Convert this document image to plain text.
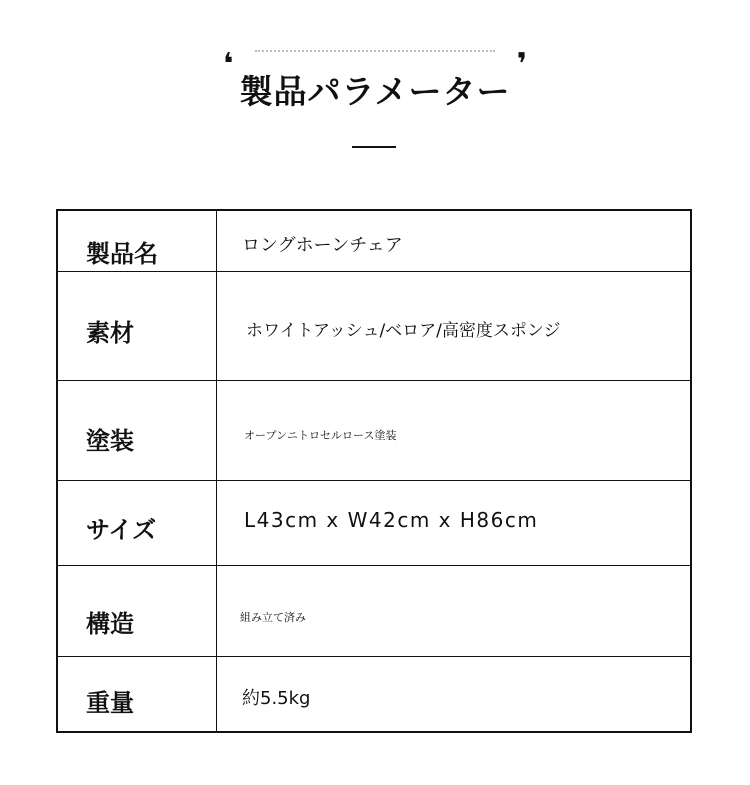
❛	❜
製品パラメーター
製品名	ロングホーンチェア
素材	ホワイトアッシュ/ベロア/高密度スポンジ
塗装	オープンニトロセルロース塗装
サイズ	L43cm x W42cm x H86cm
構造	組み立て済み
重量	約5.5kg
